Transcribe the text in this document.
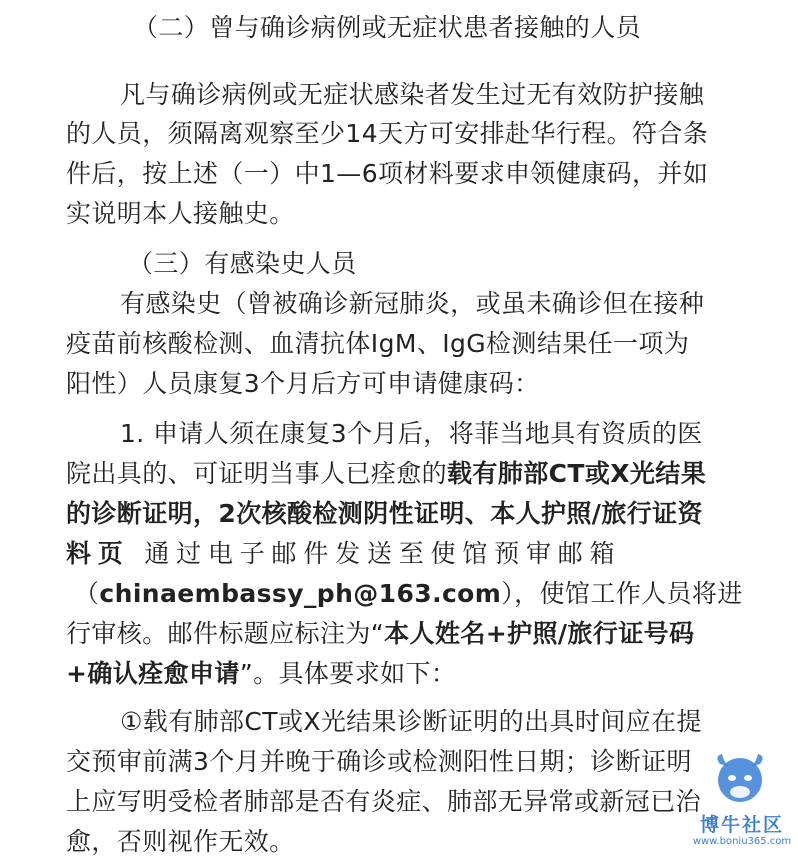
（二）曾与确诊病例或无症状患者接触的人员
凡与确诊病例或无症状感染者发生过无有效防护接触
的人员，须隔离观察至少14天方可安排赴华行程。符合条
件后，按上述（一）中1—6项材料要求申领健康码，并如
实说明本人接触史。
（三）有感染史人员
有感染史（曾被确诊新冠肺炎，或虽未确诊但在接种
疫苗前核酸检测、血清抗体IgM、IgG检测结果任一项为
阳性）人员康复3个月后方可申请健康码：
1. 申请人须在康复3个月后，将菲当地具有资质的医
院出具的、可证明当事人已痊愈的载有肺部CT或X光结果
的诊断证明，2次核酸检测阴性证明、本人护照/旅行证资
料页 通过电子邮件发送至使馆预审邮箱
（chinaembassy_ph@163.com），使馆工作人员将进
行审核。邮件标题应标注为“本人姓名+护照/旅行证号码
+确认痊愈申请”。具体要求如下：
①载有肺部CT或X光结果诊断证明的出具时间应在提
交预审前满3个月并晚于确诊或检测阳性日期；诊断证明
上应写明受检者肺部是否有炎症、肺部无异常或新冠已治
愈，否则视作无效。
博牛社区
www.boniu365.com
